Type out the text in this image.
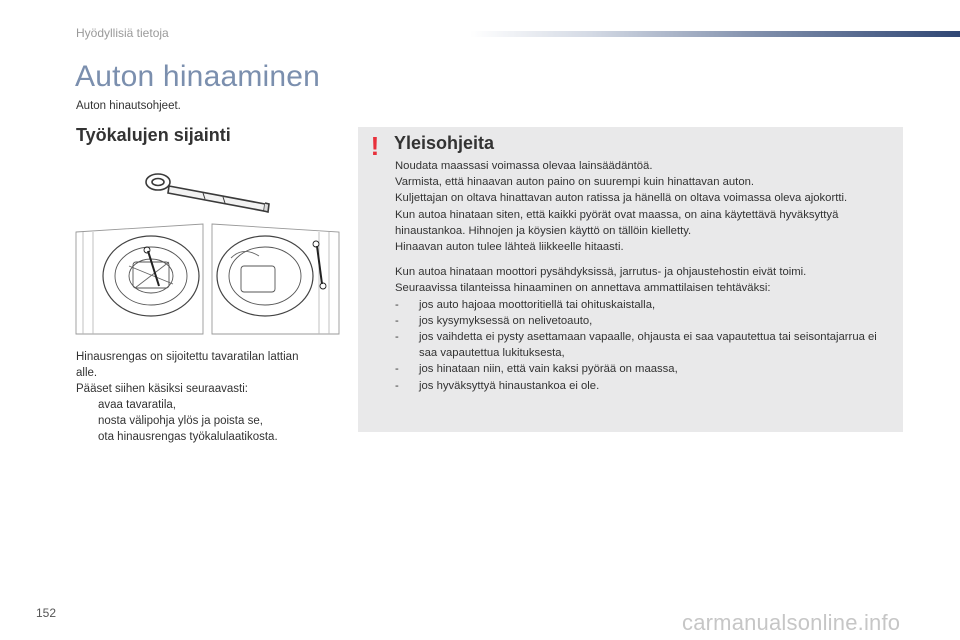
Hyödyllisiä tietoja
Auton hinaaminen
Auton hinautsohjeet.
Työkalujen sijainti

Hinausrengas on sijoitettu tavaratilan lattian alle.

Pääset siihen käsiksi seuraavasti:

avaa tavaratila,
nosta välipohja ylös ja poista se,
ota hinausrengas työkalulaatikosta.
! Yleisohjeita

Noudata maassasi voimassa olevaa lainsäädäntöä.

Varmista, että hinaavan auton paino on suurempi kuin hinattavan auton.

Kuljettajan on oltava hinattavan auton ratissa ja hänellä on oltava voimassa oleva ajokortti.

Kun autoa hinataan siten, että kaikki pyörät ovat maassa, on aina käytettävä hyväksyttyä hinaustankoa. Hihnojen ja köysien käyttö on tällöin kielletty.

Hinaavan auton tulee lähteä liikkeelle hitaasti.

Kun autoa hinataan moottori pysähdyksissä, jarrutus- ja ohjaustehostin eivät toimi.

Seuraavissa tilanteissa hinaaminen on annettava ammattilaisen tehtäväksi:

-	jos auto hajoaa moottoritiellä tai ohituskaistalla,
-	jos kysymyksessä on nelivetoauto,
-	jos vaihdetta ei pysty asettamaan vapaalle, ohjausta ei saa vapautettua tai seisontajarrua ei saa vapautettua lukituksesta,
-	jos hinataan niin, että vain kaksi pyörää on maassa,
-	jos hyväksyttyä hinaustankoa ei ole.
152	carmanualsonline.info
